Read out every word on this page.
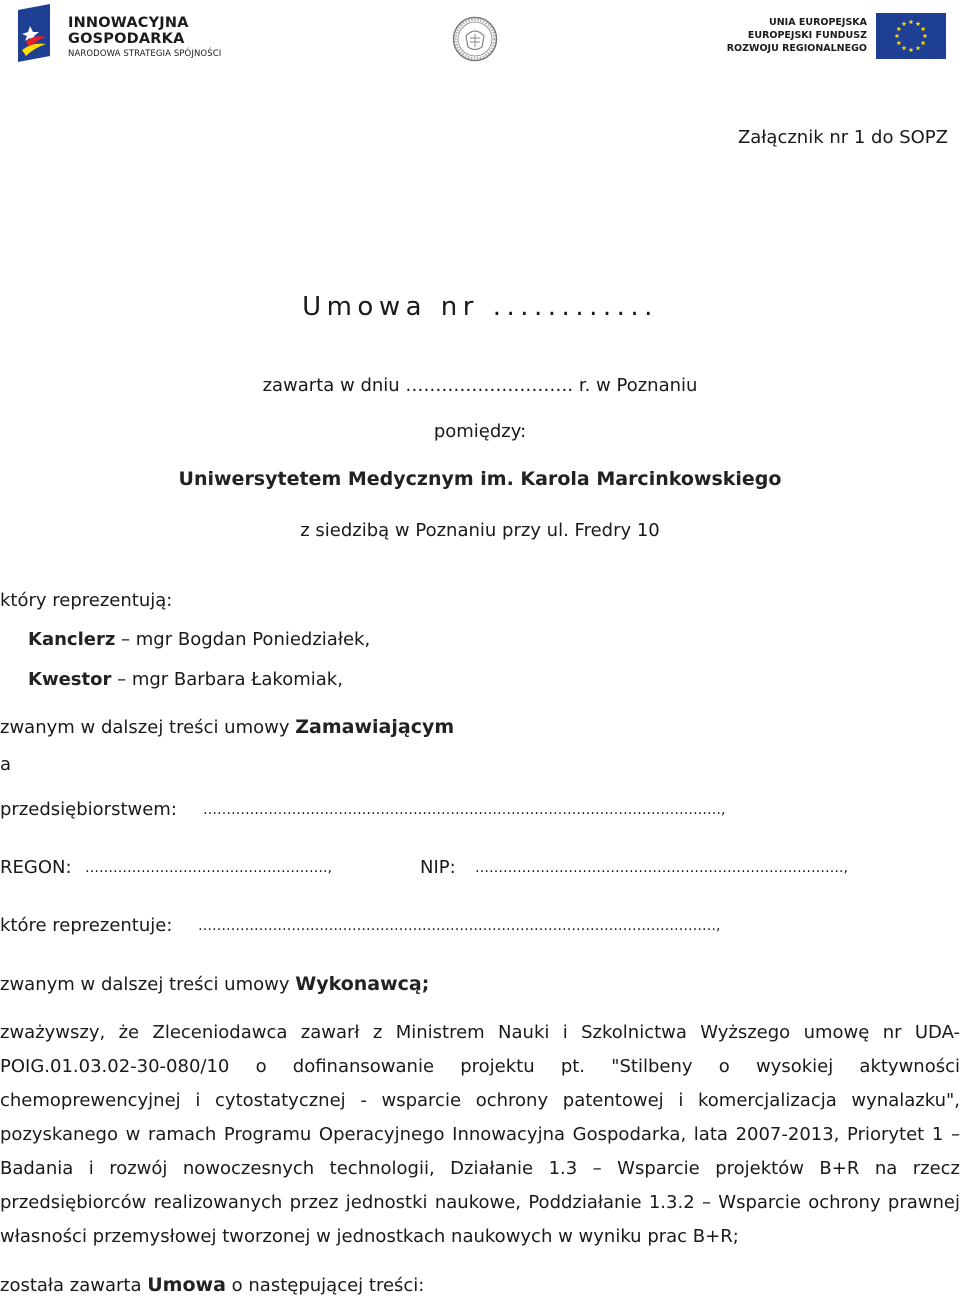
INNOWACYJNA
GOSPODARKA
NARODOWA STRATEGIA SPÓJNOŚCI
UNIA EUROPEJSKA
EUROPEJSKI FUNDUSZ
ROZWOJU REGIONALNEGO
Załącznik nr 1 do SOPZ
Umowa nr ............
zawarta w dniu ………………………. r. w Poznaniu
pomiędzy:
Uniwersytetem Medycznym im. Karola Marcinkowskiego
z siedzibą w Poznaniu przy ul. Fredry 10
który reprezentują:
Kanclerz – mgr Bogdan Poniedziałek,
Kwestor – mgr Barbara Łakomiak,
zwanym w dalszej treści umowy Zamawiającym
a
przedsiębiorstwem: …………………………………………………………………………………………………,
REGON: …………………………………………….,	NIP: …………………………………………………………………….,
które reprezentuje: …………………………………………………………………………………………………,
zwanym w dalszej treści umowy Wykonawcą;
zważywszy, że Zleceniodawca zawarł z Ministrem Nauki i Szkolnictwa Wyższego umowę nr UDA-POIG.01.03.02-30-080/10 o dofinansowanie projektu pt. "Stilbeny o wysokiej aktywności chemoprewencyjnej i cytostatycznej - wsparcie ochrony patentowej i komercjalizacja wynalazku", pozyskanego w ramach Programu Operacyjnego Innowacyjna Gospodarka, lata 2007-2013, Priorytet 1 – Badania i rozwój nowoczesnych technologii, Działanie 1.3 – Wsparcie projektów B+R na rzecz przedsiębiorców realizowanych przez jednostki naukowe, Poddziałanie 1.3.2 – Wsparcie ochrony prawnej własności przemysłowej tworzonej w jednostkach naukowych w wyniku prac B+R;
została zawarta Umowa o następującej treści:
